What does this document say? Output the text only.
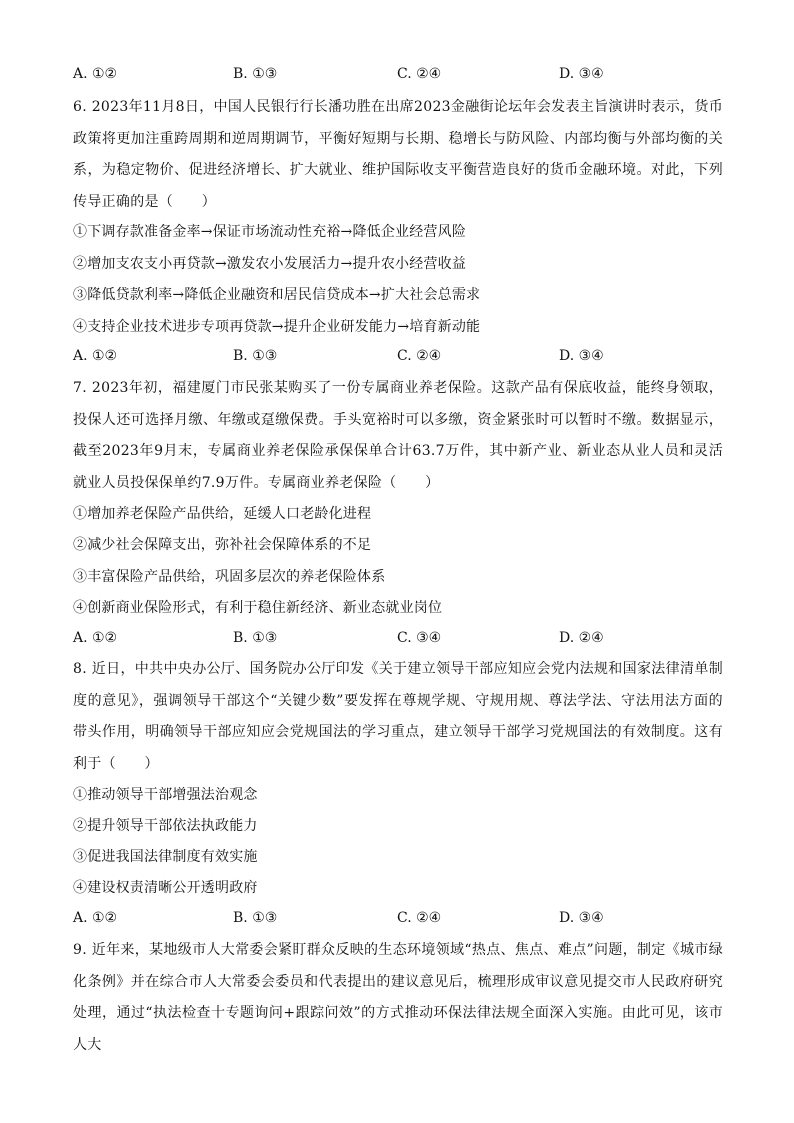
A. ①②	B. ①③	C. ②④	D. ③④
6. 2023年11月8日，中国人民银行行长潘功胜在出席2023金融街论坛年会发表主旨演讲时表示，货币政策将更加注重跨周期和逆周期调节，平衡好短期与长期、稳增长与防风险、内部均衡与外部均衡的关系，为稳定物价、促进经济增长、扩大就业、维护国际收支平衡营造良好的货币金融环境。对此，下列传导正确的是（　　）
①下调存款准备金率→保证市场流动性充裕→降低企业经营风险
②增加支农支小再贷款→激发农小发展活力→提升农小经营收益
③降低贷款利率→降低企业融资和居民信贷成本→扩大社会总需求
④支持企业技术进步专项再贷款→提升企业研发能力→培育新动能
A. ①②	B. ①③	C. ②④	D. ③④
7. 2023年初，福建厦门市民张某购买了一份专属商业养老保险。这款产品有保底收益，能终身领取，投保人还可选择月缴、年缴或趸缴保费。手头宽裕时可以多缴，资金紧张时可以暂时不缴。数据显示，截至2023年9月末，专属商业养老保险承保保单合计63.7万件，其中新产业、新业态从业人员和灵活就业人员投保保单约7.9万件。专属商业养老保险（　　）
①增加养老保险产品供给，延缓人口老龄化进程
②减少社会保障支出，弥补社会保障体系的不足
③丰富保险产品供给，巩固多层次的养老保险体系
④创新商业保险形式，有利于稳住新经济、新业态就业岗位
A. ①②	B. ①③	C. ③④	D. ②④
8. 近日，中共中央办公厅、国务院办公厅印发《关于建立领导干部应知应会党内法规和国家法律清单制度的意见》，强调领导干部这个“关键少数”要发挥在尊规学规、守规用规、尊法学法、守法用法方面的带头作用，明确领导干部应知应会党规国法的学习重点，建立领导干部学习党规国法的有效制度。这有利于（　　）
①推动领导干部增强法治观念
②提升领导干部依法执政能力
③促进我国法律制度有效实施
④建设权责清晰公开透明政府
A. ①②	B. ①③	C. ②④	D. ③④
9. 近年来，某地级市人大常委会紧盯群众反映的生态环境领域“热点、焦点、难点”问题，制定《城市绿化条例》并在综合市人大常委会委员和代表提出的建议意见后，梳理形成审议意见提交市人民政府研究处理，通过“执法检查十专题询问+跟踪问效”的方式推动环保法律法规全面深入实施。由此可见，该市人大
